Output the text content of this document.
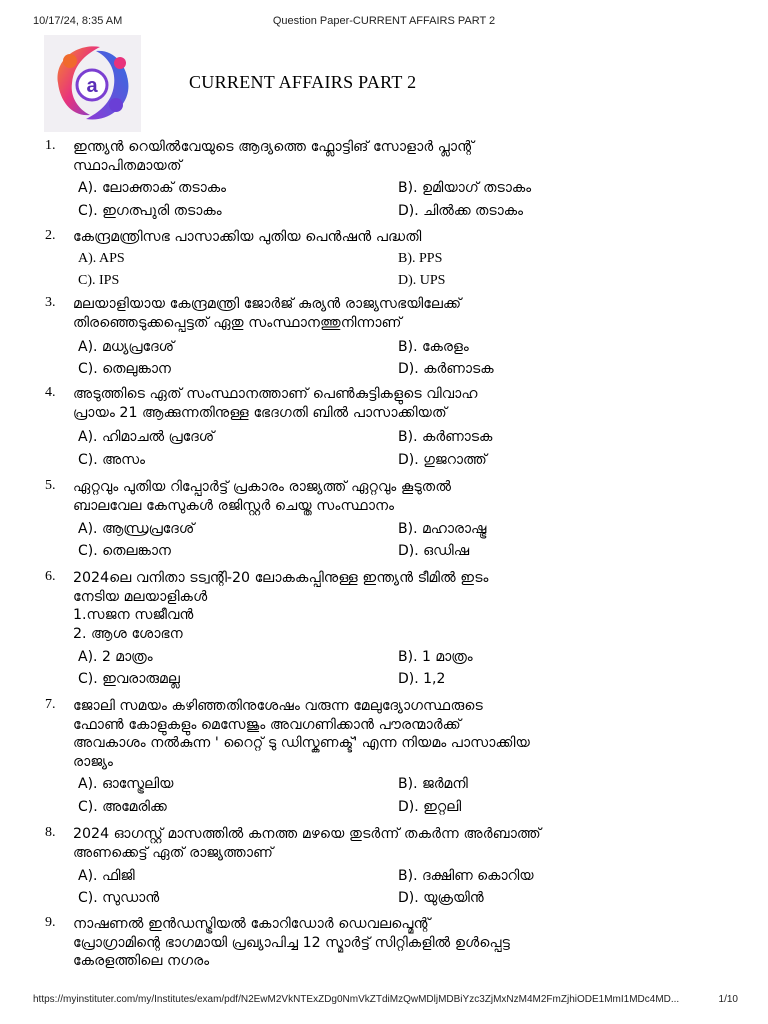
10/17/24, 8:35 AM	Question Paper-CURRENT AFFAIRS PART 2
a	CURRENT AFFAIRS PART 2
1. ഇന്ത്യൻ റെയിൽവേയുടെ ആദ്യത്തെ ഫ്ലോട്ടിങ് സോളാർ പ്ലാന്റ്
സ്ഥാപിതമായത്
A). ലോക്താക് തടാകം	B). ഉമിയാഗ് തടാകം
C). ഇഗത്പുരി തടാകം	D). ചിൽക്ക തടാകം
2. കേന്ദ്രമന്ത്രിസഭ പാസാക്കിയ പുതിയ പെൻഷൻ പദ്ധതി
A). APS	B). PPS
C). IPS	D). UPS
3. മലയാളിയായ കേന്ദ്രമന്ത്രി ജോർജ് കുര്യൻ രാജ്യസഭയിലേക്ക്
തിരഞ്ഞെടുക്കപ്പെട്ടത് ഏതു സംസ്ഥാനത്തുനിന്നാണ്
A). മധ്യപ്രദേശ്	B). കേരളം
C). തെലുങ്കാന	D). കർണാടക
4. അടുത്തിടെ ഏത് സംസ്ഥാനത്താണ് പെൺകുട്ടികളുടെ വിവാഹ
പ്രായം 21 ആക്കുന്നതിനുള്ള ഭേദഗതി ബിൽ പാസാക്കിയത്
A). ഹിമാചൽ പ്രദേശ്	B). കർണാടക
C). അസം	D). ഗുജറാത്ത്
5. ഏറ്റവും പുതിയ റിപ്പോർട്ട് പ്രകാരം രാജ്യത്ത് ഏറ്റവും കൂടുതൽ
ബാലവേല കേസുകൾ രജിസ്റ്റർ ചെയ്ത സംസ്ഥാനം
A). ആന്ധ്രപ്രദേശ്	B). മഹാരാഷ്ട്ര
C). തെലങ്കാന	D). ഒഡിഷ
6. 2024ലെ വനിതാ ടട്വന്റി-20 ലോകകപ്പിനുള്ള ഇന്ത്യൻ ടീമിൽ ഇടം
നേടിയ മലയാളികൾ
1.സജന സജീവൻ
2. ആശ ശോഭന
A). 2 മാത്രം	B). 1 മാത്രം
C). ഇവരാരുമല്ല	D). 1,2
7. ജോലി സമയം കഴിഞ്ഞതിനുശേഷം വരുന്ന മേലുദ്യോഗസ്ഥരുടെ
ഫോൺ കോളുകളും മെസേജും അവഗണിക്കാൻ പൗരന്മാർക്ക്
അവകാശം നൽകുന്ന ' റൈറ്റ് ടു ഡിസ്കണക്ട്' എന്ന നിയമം പാസാക്കിയ
രാജ്യം
A). ഓസ്ട്രേലിയ	B). ജർമനി
C). അമേരിക്ക	D). ഇറ്റലി
8. 2024 ഓഗസ്റ്റ് മാസത്തിൽ കനത്ത മഴയെ തുടർന്ന് തകർന്ന അർബാത്ത്
അണക്കെട്ട് ഏത് രാജ്യത്താണ്
A). ഫിജി	B). ദക്ഷിണ കൊറിയ
C). സുഡാൻ	D). യുക്രയിൻ
9. നാഷണൽ ഇൻഡസ്ട്രിയൽ കോറിഡോർ ഡെവലപ്മെന്റ്
പ്രോഗ്രാമിന്റെ ഭാഗമായി പ്രഖ്യാപിച്ച 12 സ്മാർട്ട് സിറ്റികളിൽ ഉൾപ്പെട്ട
കേരളത്തിലെ നഗരം
https://myinstituter.com/my/Institutes/exam/pdf/N2EwM2VkNTExZDg0NmVkZTdiMzQwMDljMDBiYzc3ZjMxNzM4M2FmZjhiODE1MmI1MDc4MD...	1/10
